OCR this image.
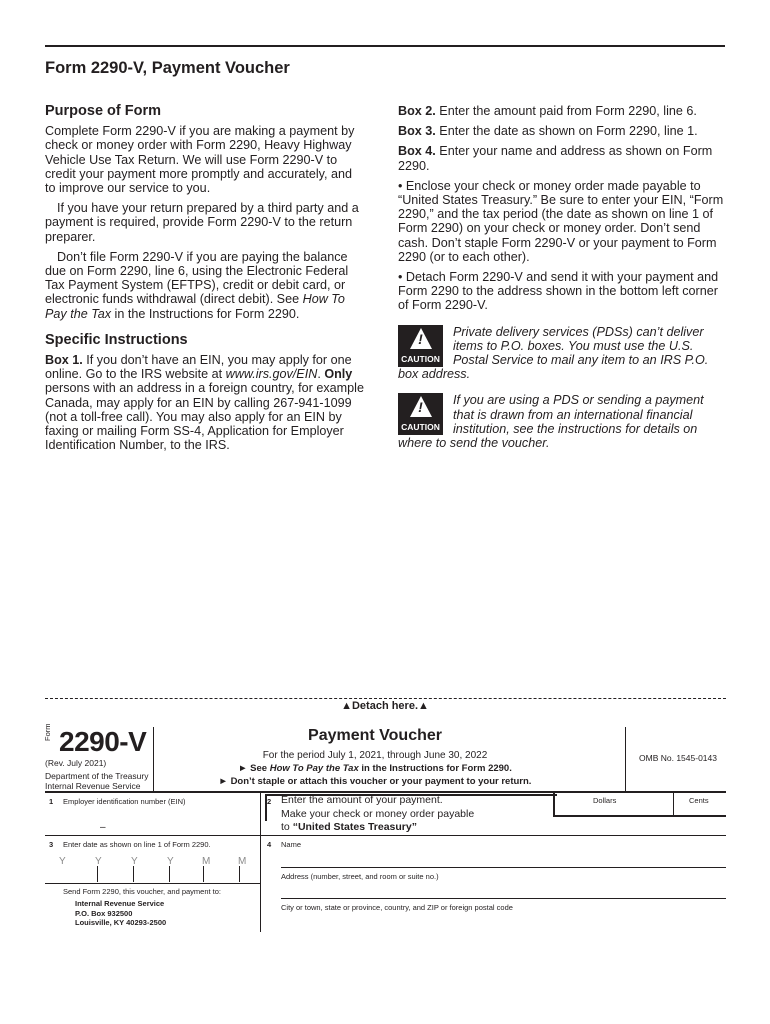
Form 2290-V, Payment Voucher
Purpose of Form

Complete Form 2290-V if you are making a payment by check or money order with Form 2290, Heavy Highway Vehicle Use Tax Return. We will use Form 2290-V to credit your payment more promptly and accurately, and to improve our service to you.

If you have your return prepared by a third party and a payment is required, provide Form 2290-V to the return preparer.

Don’t file Form 2290-V if you are paying the balance due on Form 2290, line 6, using the Electronic Federal Tax Payment System (EFTPS), credit or debit card, or electronic funds withdrawal (direct debit). See How To Pay the Tax in the Instructions for Form 2290.

Specific Instructions

Box 1. If you don’t have an EIN, you may apply for one online. Go to the IRS website at www.irs.gov/EIN. Only persons with an address in a foreign country, for example Canada, may apply for an EIN by calling 267-941-1099 (not a toll-free call). You may also apply for an EIN by faxing or mailing Form SS-4, Application for Employer Identification Number, to the IRS.

Box 2. Enter the amount paid from Form 2290, line 6.

Box 3. Enter the date as shown on Form 2290, line 1.

Box 4. Enter your name and address as shown on Form 2290.

• Enclose your check or money order made payable to “United States Treasury.” Be sure to enter your EIN, “Form 2290,” and the tax period (the date as shown on line 1 of Form 2290) on your check or money order. Don’t send cash. Don’t staple Form 2290-V or your payment to Form 2290 (or to each other).

• Detach Form 2290-V and send it with your payment and Form 2290 to the address shown in the bottom left corner of Form 2290-V.

!
CAUTION
Private delivery services (PDSs) can’t deliver items to P.O. boxes. You must use the U.S. Postal Service to mail any item to an IRS P.O. box address.
!
CAUTION
If you are using a PDS or sending a payment that is drawn from an international financial institution, see the instructions for details on where to send the voucher.
▲Detach here.▲
Form 2290-V
(Rev. July 2021)
Department of the Treasury
Internal Revenue Service
Payment Voucher
For the period July 1, 2021, through June 30, 2022
► See How To Pay the Tax in the Instructions for Form 2290.
► Don’t staple or attach this voucher or your payment to your return.
OMB No. 1545-0143
1 Employer identification number (EIN)
–
2 Enter the amount of your payment.
Make your check or money order payable
to “United States Treasury”
Dollars	Cents
3 Enter date as shown on line 1 of Form 2290.
Y	Y	Y	Y	M	M
Send Form 2290, this voucher, and payment to:
Internal Revenue Service
P.O. Box 932500
Louisville, KY 40293-2500
4 Name
Address (number, street, and room or suite no.)
City or town, state or province, country, and ZIP or foreign postal code
